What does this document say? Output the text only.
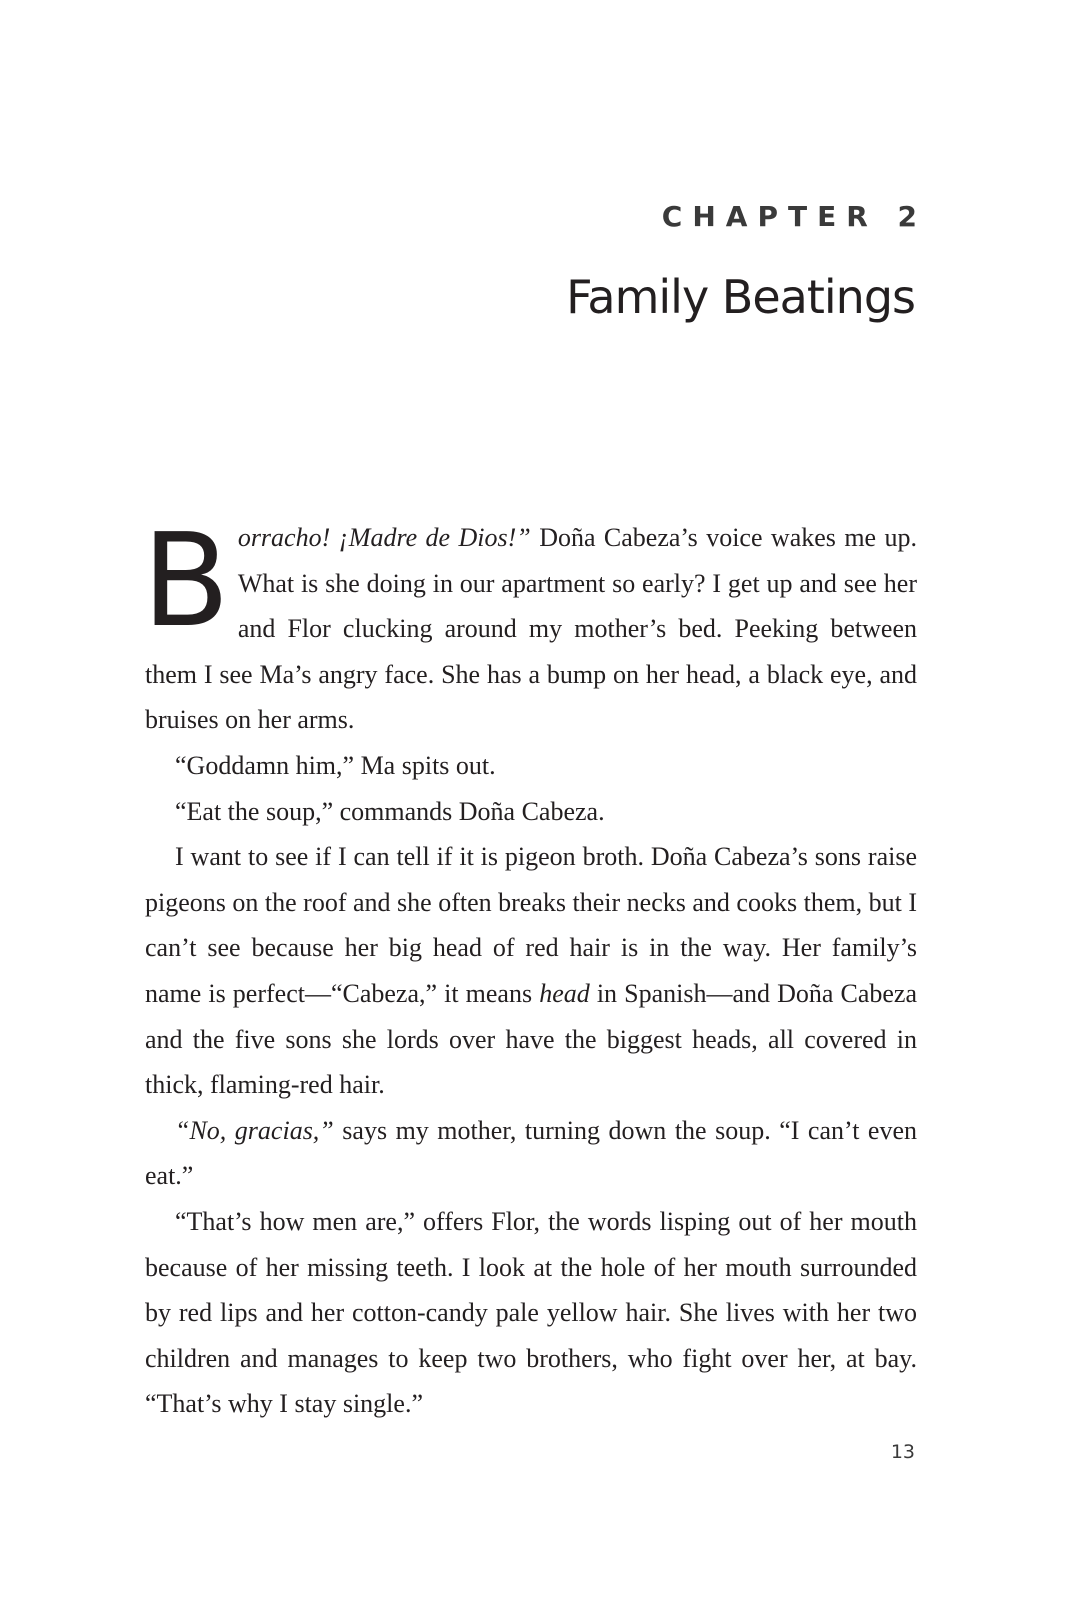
CHAPTER 2
Family Beatings

Borracho! ¡Madre de Dios!” Doña Cabeza’s voice wakes me up. What is she doing in our apartment so early? I get up and see her and Flor clucking around my mother’s bed. Peeking between them I see Ma’s angry face. She has a bump on her head, a black eye, and bruises on her arms.

“Goddamn him,” Ma spits out.

“Eat the soup,” commands Doña Cabeza.

I want to see if I can tell if it is pigeon broth. Doña Cabeza’s sons raise pigeons on the roof and she often breaks their necks and cooks them, but I can’t see because her big head of red hair is in the way. Her family’s name is perfect—“Cabeza,” it means head in Spanish—and Doña Cabeza and the five sons she lords over have the biggest heads, all covered in thick, flaming-red hair.

“No, gracias,” says my mother, turning down the soup. “I can’t even eat.”

“That’s how men are,” offers Flor, the words lisping out of her mouth because of her missing teeth. I look at the hole of her mouth surrounded by red lips and her cotton-candy pale yellow hair. She lives with her two children and manages to keep two brothers, who fight over her, at bay. “That’s why I stay single.”

13
